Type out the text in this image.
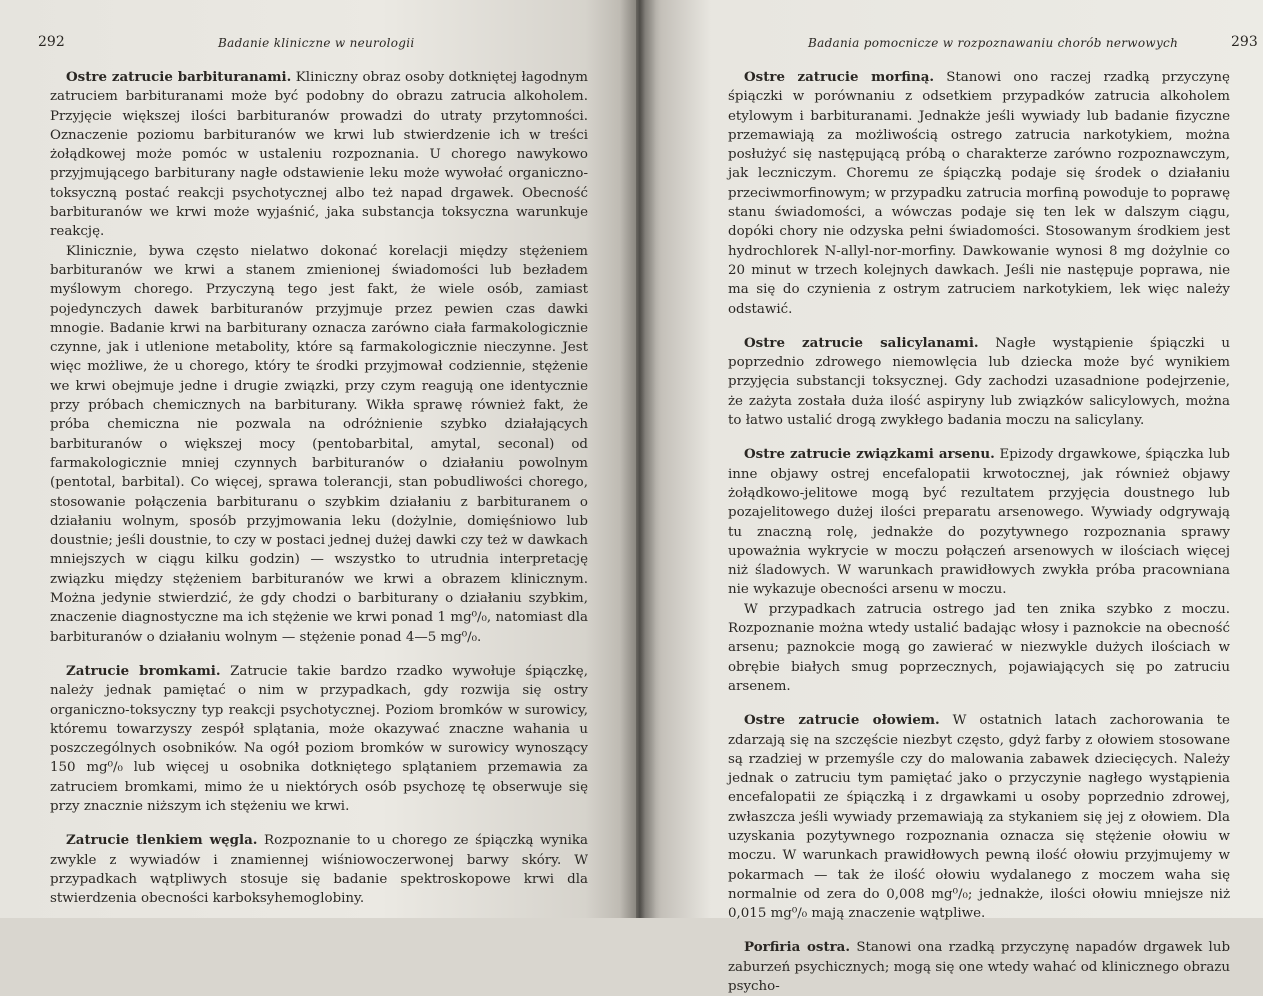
292	Badanie kliniczne w neurologii

Ostre zatrucie barbituranami. Kliniczny obraz osoby dotkniętej łagodnym zatruciem barbituranami może być podobny do obrazu zatrucia alkoholem. Przyjęcie większej ilości barbituranów prowadzi do utraty przytomności. Oznaczenie poziomu barbituranów we krwi lub stwierdzenie ich w treści żołądkowej może pomóc w ustaleniu rozpoznania. U chorego nawykowo przyjmującego barbiturany nagłe odstawienie leku może wywołać organiczno-toksyczną postać reakcji psychotycznej albo też napad drgawek. Obecność barbituranów we krwi może wyjaśnić, jaka substancja toksyczna warunkuje reakcję.

Klinicznie, bywa często nielatwo dokonać korelacji między stężeniem barbituranów we krwi a stanem zmienionej świadomości lub bezładem myślowym chorego. Przyczyną tego jest fakt, że wiele osób, zamiast pojedynczych dawek barbituranów przyjmuje przez pewien czas dawki mnogie. Badanie krwi na barbiturany oznacza zarówno ciała farmakologicznie czynne, jak i utlenione metabolity, które są farmakologicznie nieczynne. Jest więc możliwe, że u chorego, który te środki przyjmował codziennie, stężenie we krwi obejmuje jedne i drugie związki, przy czym reagują one identycznie przy próbach chemicznych na barbiturany. Wikła sprawę również fakt, że próba chemiczna nie pozwala na odróżnienie szybko działających barbituranów o większej mocy (pentobarbital, amytal, seconal) od farmakologicznie mniej czynnych barbituranów o działaniu powolnym (pentotal, barbital). Co więcej, sprawa tolerancji, stan pobudliwości chorego, stosowanie połączenia barbituranu o szybkim działaniu z barbituranem o działaniu wolnym, sposób przyjmowania leku (dożylnie, domięśniowo lub doustnie; jeśli doustnie, to czy w postaci jednej dużej dawki czy też w dawkach mniejszych w ciągu kilku godzin) — wszystko to utrudnia interpretację związku między stężeniem barbituranów we krwi a obrazem klinicznym. Można jedynie stwierdzić, że gdy chodzi o barbiturany o działaniu szybkim, znaczenie diagnostyczne ma ich stężenie we krwi ponad 1 mg⁰/₀, natomiast dla barbituranów o działaniu wolnym — stężenie ponad 4—5 mg⁰/₀.

Zatrucie bromkami. Zatrucie takie bardzo rzadko wywołuje śpiączkę, należy jednak pamiętać o nim w przypadkach, gdy rozwija się ostry organiczno-toksyczny typ reakcji psychotycznej. Poziom bromków w surowicy, któremu towarzyszy zespół splątania, może okazywać znaczne wahania u poszczególnych osobników. Na ogół poziom bromków w surowicy wynoszący 150 mg⁰/₀ lub więcej u osobnika dotkniętego splątaniem przemawia za zatruciem bromkami, mimo że u niektórych osób psychozę tę obserwuje się przy znacznie niższym ich stężeniu we krwi.

Zatrucie tlenkiem węgla. Rozpoznanie to u chorego ze śpiączką wynika zwykle z wywiadów i znamiennej wiśniowoczerwonej barwy skóry. W przypadkach wątpliwych stosuje się badanie spektroskopowe krwi dla stwierdzenia obecności karboksyhemoglobiny.

Badania pomocnicze w rozpoznawaniu chorób nerwowych	293

Ostre zatrucie morfiną. Stanowi ono raczej rzadką przyczynę śpiączki w porównaniu z odsetkiem przypadków zatrucia alkoholem etylowym i barbituranami. Jednakże jeśli wywiady lub badanie fizyczne przemawiają za możliwością ostrego zatrucia narkotykiem, można posłużyć się następującą próbą o charakterze zarówno rozpoznawczym, jak leczniczym. Choremu ze śpiączką podaje się środek o działaniu przeciwmorfinowym; w przypadku zatrucia morfiną powoduje to poprawę stanu świadomości, a wówczas podaje się ten lek w dalszym ciągu, dopóki chory nie odzyska pełni świadomości. Stosowanym środkiem jest hydrochlorek N-allyl-nor-morfiny. Dawkowanie wynosi 8 mg dożylnie co 20 minut w trzech kolejnych dawkach. Jeśli nie następuje poprawa, nie ma się do czynienia z ostrym zatruciem narkotykiem, lek więc należy odstawić.

Ostre zatrucie salicylanami. Nagłe wystąpienie śpiączki u poprzednio zdrowego niemowlęcia lub dziecka może być wynikiem przyjęcia substancji toksycznej. Gdy zachodzi uzasadnione podejrzenie, że zażyta została duża ilość aspiryny lub związków salicylowych, można to łatwo ustalić drogą zwykłego badania moczu na salicylany.

Ostre zatrucie związkami arsenu. Epizody drgawkowe, śpiączka lub inne objawy ostrej encefalopatii krwotocznej, jak również objawy żołądkowo-jelitowe mogą być rezultatem przyjęcia doustnego lub pozajelitowego dużej ilości preparatu arsenowego. Wywiady odgrywają tu znaczną rolę, jednakże do pozytywnego rozpoznania sprawy upoważnia wykrycie w moczu połączeń arsenowych w ilościach więcej niż śladowych. W warunkach prawidłowych zwykła próba pracowniana nie wykazuje obecności arsenu w moczu.

W przypadkach zatrucia ostrego jad ten znika szybko z moczu. Rozpoznanie można wtedy ustalić badając włosy i paznokcie na obecność arsenu; paznokcie mogą go zawierać w niezwykle dużych ilościach w obrębie białych smug poprzecznych, pojawiających się po zatruciu arsenem.

Ostre zatrucie ołowiem. W ostatnich latach zachorowania te zdarzają się na szczęście niezbyt często, gdyż farby z ołowiem stosowane są rzadziej w przemyśle czy do malowania zabawek dziecięcych. Należy jednak o zatruciu tym pamiętać jako o przyczynie nagłego wystąpienia encefalopatii ze śpiączką i z drgawkami u osoby poprzednio zdrowej, zwłaszcza jeśli wywiady przemawiają za stykaniem się jej z ołowiem. Dla uzyskania pozytywnego rozpoznania oznacza się stężenie ołowiu w moczu. W warunkach prawidłowych pewną ilość ołowiu przyjmujemy w pokarmach — tak że ilość ołowiu wydalanego z moczem waha się normalnie od zera do 0,008 mg⁰/₀; jednakże, ilości ołowiu mniejsze niż 0,015 mg⁰/₀ mają znaczenie wątpliwe.

Porfiria ostra. Stanowi ona rzadką przyczynę napadów drgawek lub zaburzeń psychicznych; mogą się one wtedy wahać od klinicznego obrazu psycho-
